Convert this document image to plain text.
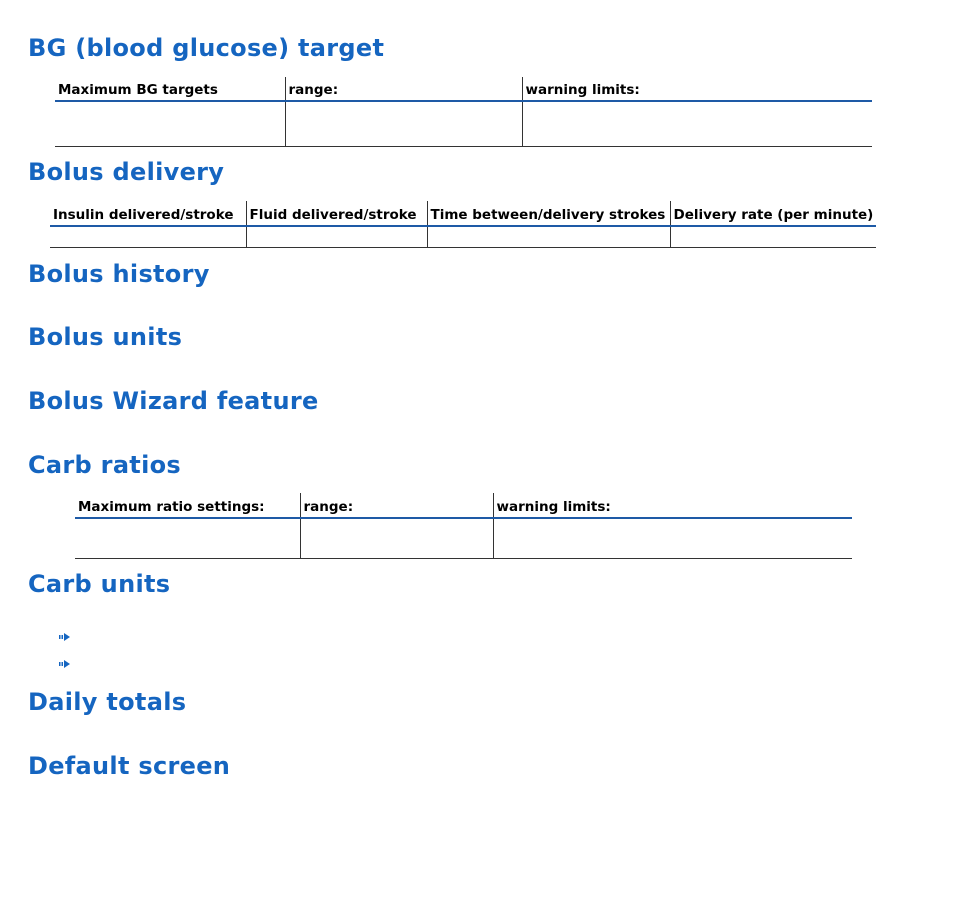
BG (blood glucose) target
Maximum BG targets	range:	warning limits:

Bolus delivery
Insulin delivered/stroke	Fluid delivered/stroke	Time between/delivery strokes	Delivery rate (per minute)

Bolus history
Bolus units
Bolus Wizard feature
Carb ratios
Maximum ratio settings:	range:	warning limits:

Carb units
Daily totals
Default screen
